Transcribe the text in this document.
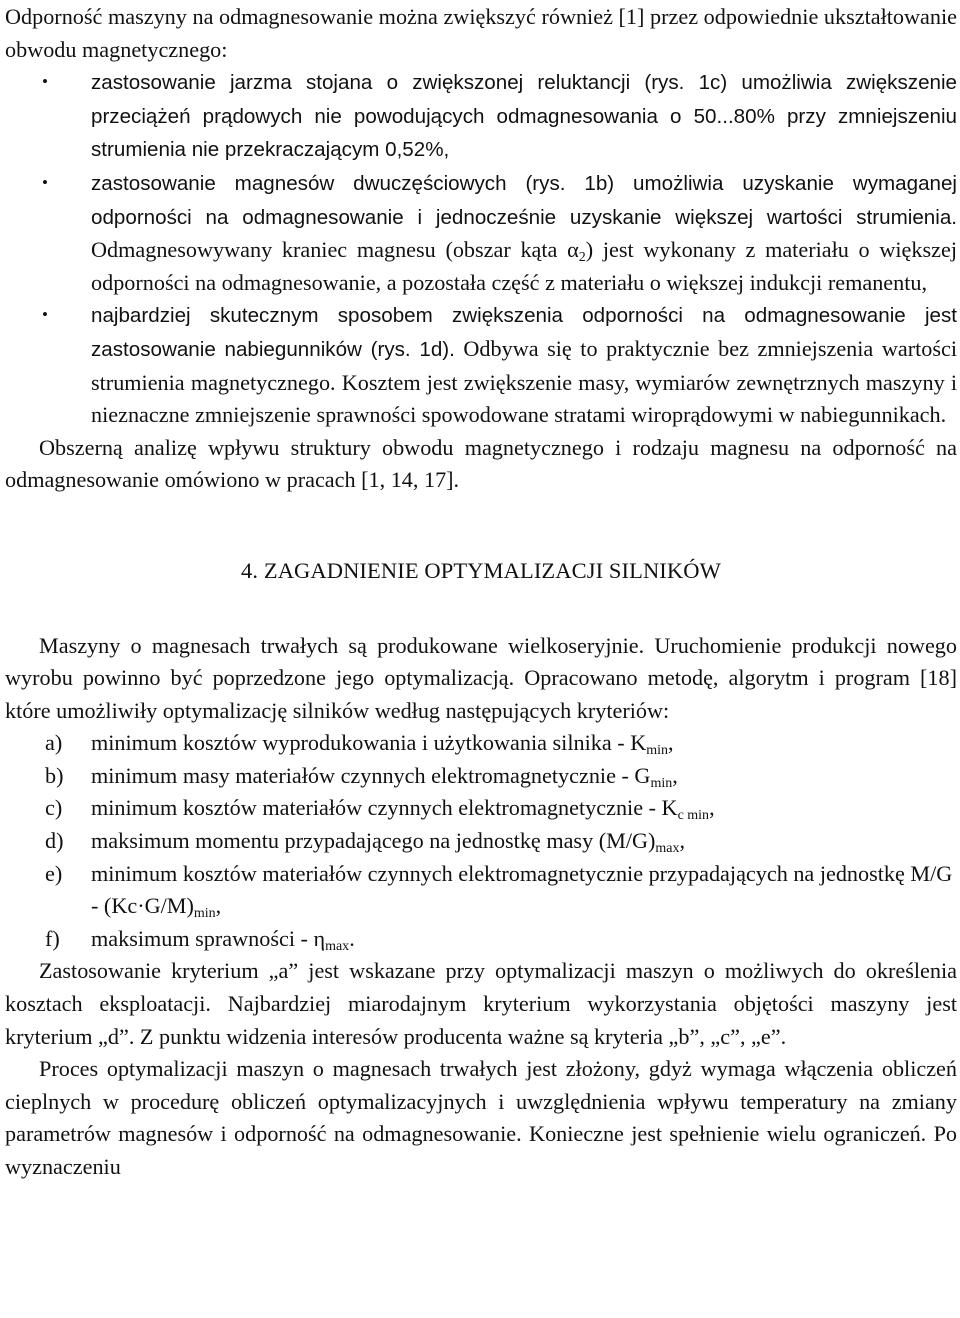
Odporność maszyny na odmagnesowanie można zwiększyć również [1] przez odpowiednie ukształtowanie obwodu magnetycznego:

• zastosowanie jarzma stojana o zwiększonej reluktancji (rys. 1c) umożliwia zwiększenie przeciążeń prądowych nie powodujących odmagnesowania o 50...80% przy zmniejszeniu strumienia nie przekraczającym 0,52%,
• zastosowanie magnesów dwuczęściowych (rys. 1b) umożliwia uzyskanie wymaganej odporności na odmagnesowanie i jednocześnie uzyskanie większej wartości strumienia. Odmagnesowywany kraniec magnesu (obszar kąta $\alpha_2$) jest wykonany z materiału o większej odporności na odmagnesowanie, a pozostała część z materiału o większej indukcji remanentu,
• najbardziej skutecznym sposobem zwiększenia odporności na odmagnesowanie jest zastosowanie nabiegunników (rys. 1d). Odbywa się to praktycznie bez zmniejszenia wartości strumienia magnetycznego. Kosztem jest zwiększenie masy, wymiarów zewnętrznych maszyny i nieznaczne zmniejszenie sprawności spowodowane stratami wiroprądowymi w nabiegunnikach.

Obszerną analizę wpływu struktury obwodu magnetycznego i rodzaju magnesu na odporność na odmagnesowanie omówiono w pracach [1, 14, 17].

4. ZAGADNIENIE OPTYMALIZACJI SILNIKÓW

Maszyny o magnesach trwałych są produkowane wielkoseryjnie. Uruchomienie produkcji nowego wyrobu powinno być poprzedzone jego optymalizacją. Opracowano metodę, algorytm i program [18] które umożliwiły optymalizację silników według następujących kryteriów:

a) minimum kosztów wyprodukowania i użytkowania silnika - $K_{min}$,
b) minimum masy materiałów czynnych elektromagnetycznie - $G_{min}$,
c) minimum kosztów materiałów czynnych elektromagnetycznie - $K_{c min}$,
d) maksimum momentu przypadającego na jednostkę masy $(M/G)_{max}$,
e) minimum kosztów materiałów czynnych elektromagnetycznie przypadających na jednostkę $M/G - (Kc\cdot G/M)_{min}$,
f) maksimum sprawności - $\eta_{max}$.

Zastosowanie kryterium „a” jest wskazane przy optymalizacji maszyn o możliwych do określenia kosztach eksploatacji. Najbardziej miarodajnym kryterium wykorzystania objętości maszyny jest kryterium „d”. Z punktu widzenia interesów producenta ważne są kryteria „b”, „c”, „e”.

Proces optymalizacji maszyn o magnesach trwałych jest złożony, gdyż wymaga włączenia obliczeń cieplnych w procedurę obliczeń optymalizacyjnych i uwzględnienia wpływu temperatury na zmiany parametrów magnesów i odporność na odmagnesowanie. Konieczne jest spełnienie wielu ograniczeń. Po wyznaczeniu
